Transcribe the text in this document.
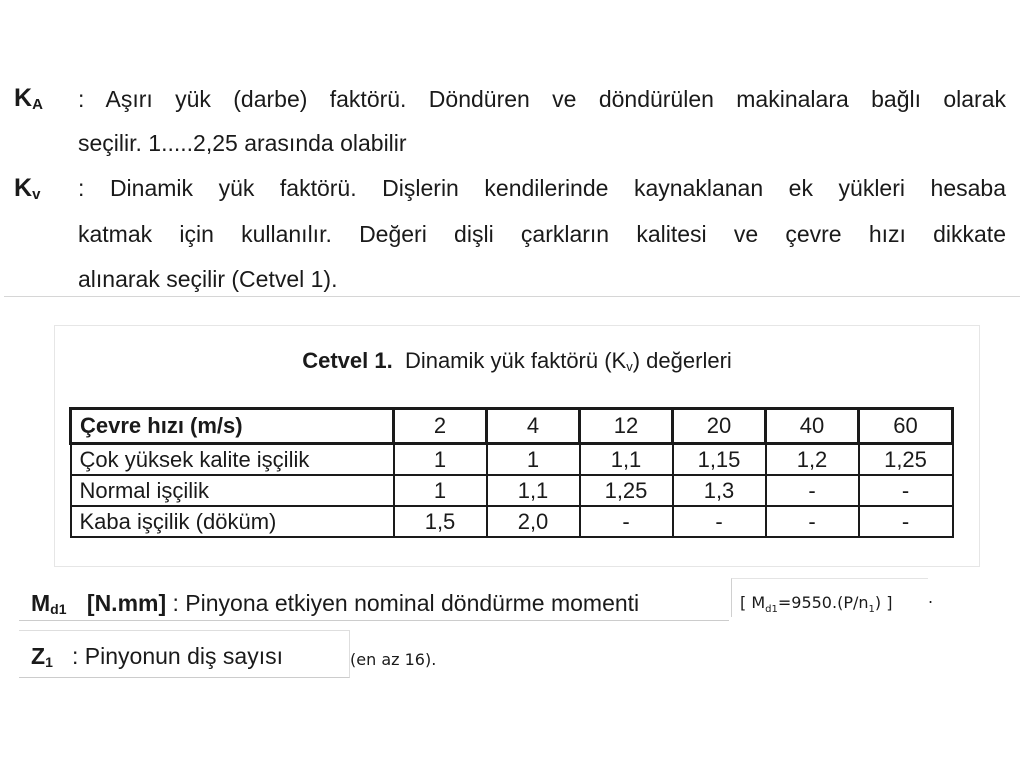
$K_A$ : Aşırı yük (darbe) faktörü. Döndüren ve döndürülen makinalara bağlı olarak
seçilir. 1.....2,25 arasında olabilir
$K_v$ : Dinamik yük faktörü. Dişlerin kendilerinde kaynaklanan ek yükleri hesaba
katmak için kullanılır. Değeri dişli çarkların kalitesi ve çevre hızı dikkate
alınarak seçilir (Cetvel 1).
Cetvel 1. Dinamik yük faktörü $(K_v)$ değerleri
Çevre hızı (m/s)	2	4	12	20	40	60
Çok yüksek kalite işçilik	1	1	1,1	1,15	1,2	1,25
Normal işçilik	1	1,1	1,25	1,3	-	-
Kaba işçilik (döküm)	1,5	2,0	-	-	-	-
$M_{d1}$ [N.mm] : Pinyona etkiyen nominal döndürme momenti	[ $M_{d1}=9550.(P/n_1)$ ] .
$Z_1$ : Pinyonun diş sayısı	(en az 16).
